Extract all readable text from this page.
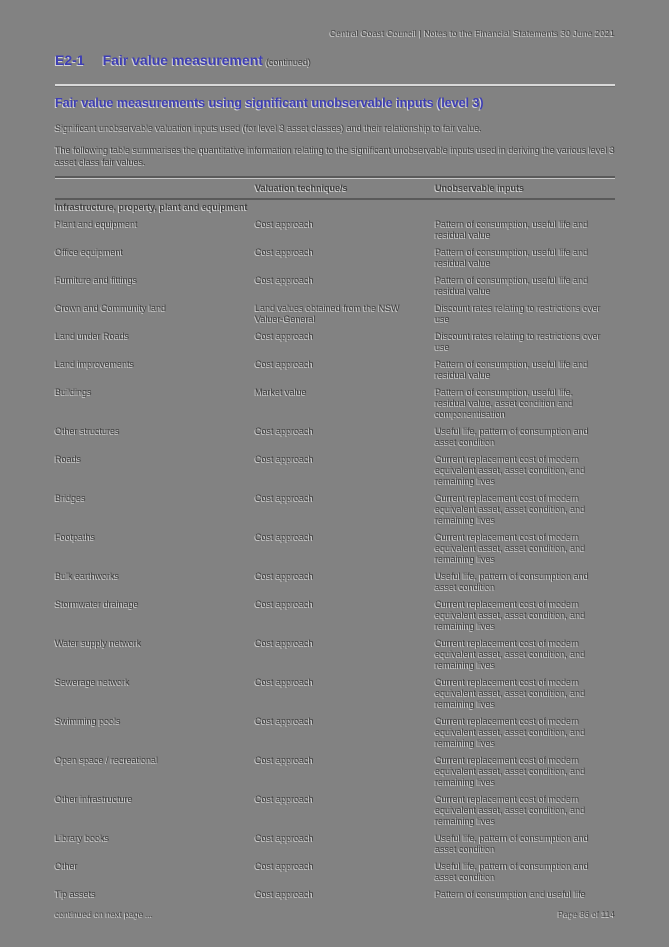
Central Coast Council | Notes to the Financial Statements 30 June 2021
E2-1 Fair value measurement (continued)
Fair value measurements using significant unobservable inputs (level 3)

Significant unobservable valuation inputs used (for level 3 asset classes) and their relationship to fair value.

The following table summarises the quantitative information relating to the significant unobservable inputs used in deriving the various level 3 asset class fair values.

	Valuation technique/s	Unobservable inputs
Infrastructure, property, plant and equipment		
Plant and equipment	Cost approach	Pattern of consumption, useful life and residual value
Office equipment	Cost approach	Pattern of consumption, useful life and residual value
Furniture and fittings	Cost approach	Pattern of consumption, useful life and residual value
Crown and Community land	Land values obtained from the NSW Valuer-General	Discount rates relating to restrictions over use
Land under Roads	Cost approach	Discount rates relating to restrictions over use
Land improvements	Cost approach	Pattern of consumption, useful life and residual value
Buildings	Market value	Pattern of consumption, useful life, residual value, asset condition and componentisation
Other structures	Cost approach	Useful life, pattern of consumption and asset condition
Roads	Cost approach	Current replacement cost of modern equivalent asset, asset condition, and remaining lives
Bridges	Cost approach	Current replacement cost of modern equivalent asset, asset condition, and remaining lives
Footpaths	Cost approach	Current replacement cost of modern equivalent asset, asset condition, and remaining lives
Bulk earthworks	Cost approach	Useful life, pattern of consumption and asset condition
Stormwater drainage	Cost approach	Current replacement cost of modern equivalent asset, asset condition, and remaining lives
Water supply network	Cost approach	Current replacement cost of modern equivalent asset, asset condition, and remaining lives
Sewerage network	Cost approach	Current replacement cost of modern equivalent asset, asset condition, and remaining lives
Swimming pools	Cost approach	Current replacement cost of modern equivalent asset, asset condition, and remaining lives
Open space / recreational	Cost approach	Current replacement cost of modern equivalent asset, asset condition, and remaining lives
Other infrastructure	Cost approach	Current replacement cost of modern equivalent asset, asset condition, and remaining lives
Library books	Cost approach	Useful life, pattern of consumption and asset condition
Other	Cost approach	Useful life, pattern of consumption and asset condition
Tip assets	Cost approach	Pattern of consumption and useful life
continued on next page ...	Page 86 of 114
